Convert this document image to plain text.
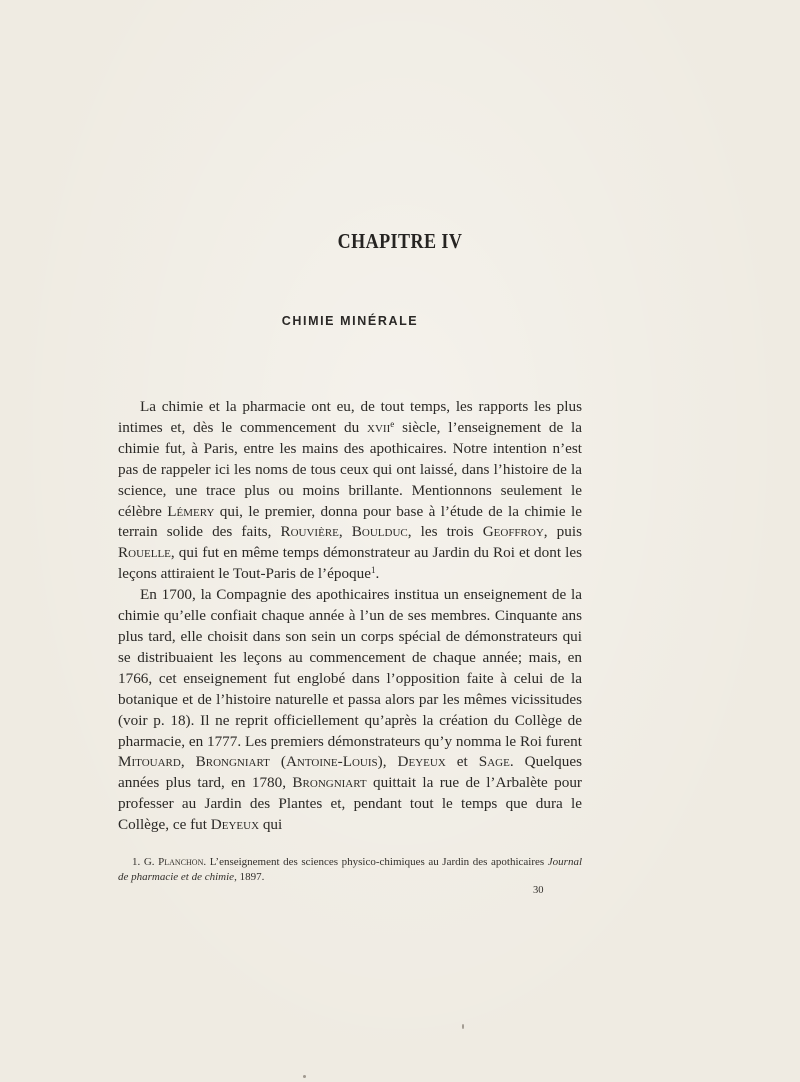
CHAPITRE IV
CHIMIE MINÉRALE

La chimie et la pharmacie ont eu, de tout temps, les rapports les plus intimes et, dès le commencement du xvii$^e$ siècle, l’enseignement de la chimie fut, à Paris, entre les mains des apothicaires. Notre intention n’est pas de rappeler ici les noms de tous ceux qui ont laissé, dans l’histoire de la science, une trace plus ou moins brillante. Mentionnons seulement le célèbre Lémery qui, le premier, donna pour base à l’étude de la chimie le terrain solide des faits, Rouvière, Boulduc, les trois Geoffroy, puis Rouelle, qui fut en même temps démonstrateur au Jardin du Roi et dont les leçons attiraient le Tout-Paris de l’époque$^1$.

En 1700, la Compagnie des apothicaires institua un enseignement de la chimie qu’elle confiait chaque année à l’un de ses membres. Cinquante ans plus tard, elle choisit dans son sein un corps spécial de démonstrateurs qui se distribuaient les leçons au commencement de chaque année; mais, en 1766, cet enseignement fut englobé dans l’opposition faite à celui de la botanique et de l’histoire naturelle et passa alors par les mêmes vicissitudes (voir p. 18). Il ne reprit officiellement qu’après la création du Collège de pharmacie, en 1777. Les premiers démonstrateurs qu’y nomma le Roi furent Mitouard, Brongniart (Antoine-Louis), Deyeux et Sage. Quelques années plus tard, en 1780, Brongniart quittait la rue de l’Arbalète pour professer au Jardin des Plantes et, pendant tout le temps que dura le Collège, ce fut Deyeux qui

1. G. Planchon. L’enseignement des sciences physico-chimiques au Jardin des apothicaires Journal de pharmacie et de chimie, 1897.

30
